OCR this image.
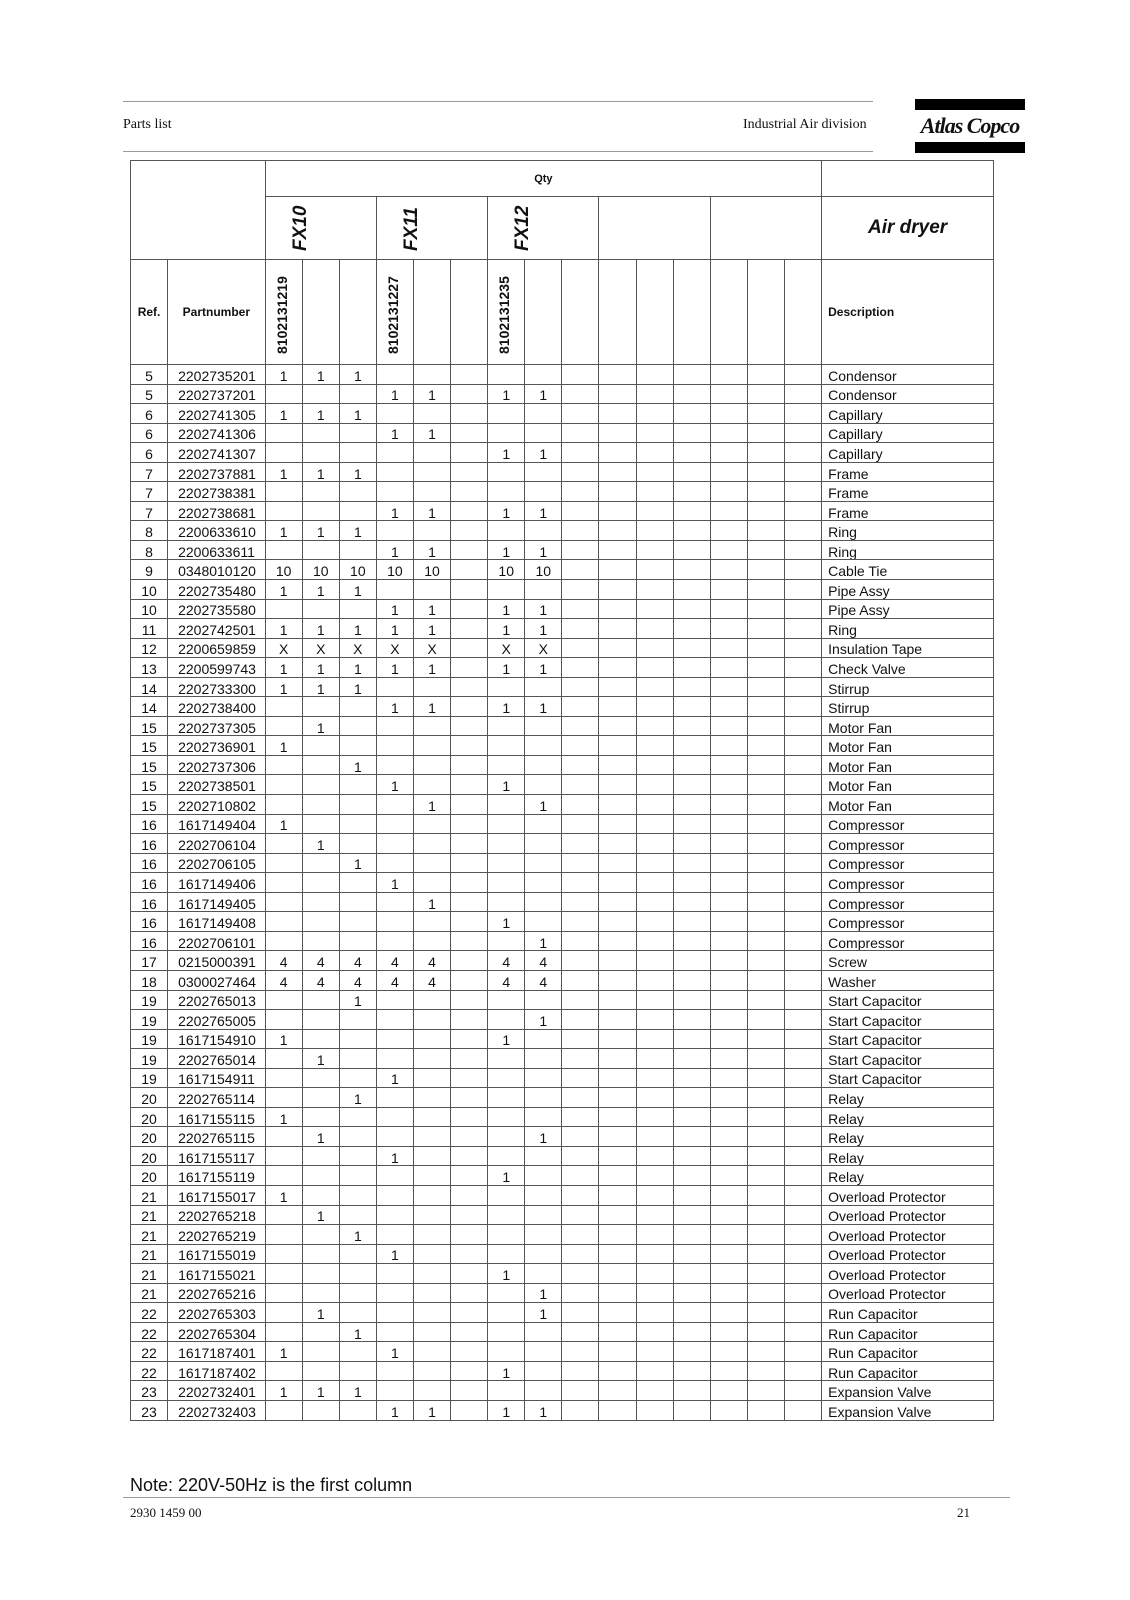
Parts list	Industrial Air division Atlas Copco
		Qty															

		FX10			FX11			FX12									Air dryer
Ref.	Partnumber	8102131219			8102131227			8102131235									Description
5	2202735201	1	1	1													Condensor
5	2202737201				1	1		1	1								Condensor
6	2202741305	1	1	1													Capillary
6	2202741306				1	1											Capillary
6	2202741307							1	1								Capillary
7	2202737881	1	1	1													Frame
7	2202738381																Frame
7	2202738681				1	1		1	1								Frame
8	2200633610	1	1	1													Ring
8	2200633611				1	1		1	1								Ring
9	0348010120	10	10	10	10	10		10	10								Cable Tie
10	2202735480	1	1	1													Pipe Assy
10	2202735580				1	1		1	1								Pipe Assy
11	2202742501	1	1	1	1	1		1	1								Ring
12	2200659859	X	X	X	X	X		X	X								Insulation Tape
13	2200599743	1	1	1	1	1		1	1								Check Valve
14	2202733300	1	1	1													Stirrup
14	2202738400				1	1		1	1								Stirrup
15	2202737305		1														Motor Fan
15	2202736901	1															Motor Fan
15	2202737306			1													Motor Fan
15	2202738501				1			1									Motor Fan
15	2202710802					1			1								Motor Fan
16	1617149404	1															Compressor
16	2202706104		1														Compressor
16	2202706105			1													Compressor
16	1617149406				1												Compressor
16	1617149405					1											Compressor
16	1617149408							1									Compressor
16	2202706101								1								Compressor
17	0215000391	4	4	4	4	4		4	4								Screw
18	0300027464	4	4	4	4	4		4	4								Washer
19	2202765013			1													Start Capacitor
19	2202765005								1								Start Capacitor
19	1617154910	1						1									Start Capacitor
19	2202765014		1														Start Capacitor
19	1617154911				1												Start Capacitor
20	2202765114			1													Relay
20	1617155115	1															Relay
20	2202765115		1						1								Relay
20	1617155117				1												Relay
20	1617155119							1									Relay
21	1617155017	1															Overload Protector
21	2202765218		1														Overload Protector
21	2202765219			1													Overload Protector
21	1617155019				1												Overload Protector
21	1617155021							1									Overload Protector
21	2202765216								1								Overload Protector
22	2202765303		1						1								Run Capacitor
22	2202765304			1													Run Capacitor
22	1617187401	1			1												Run Capacitor
22	1617187402							1									Run Capacitor
23	2202732401	1	1	1													Expansion Valve
23	2202732403				1	1		1	1								Expansion Valve
Note: 220V-50Hz is the first column
2930 1459 00	21
